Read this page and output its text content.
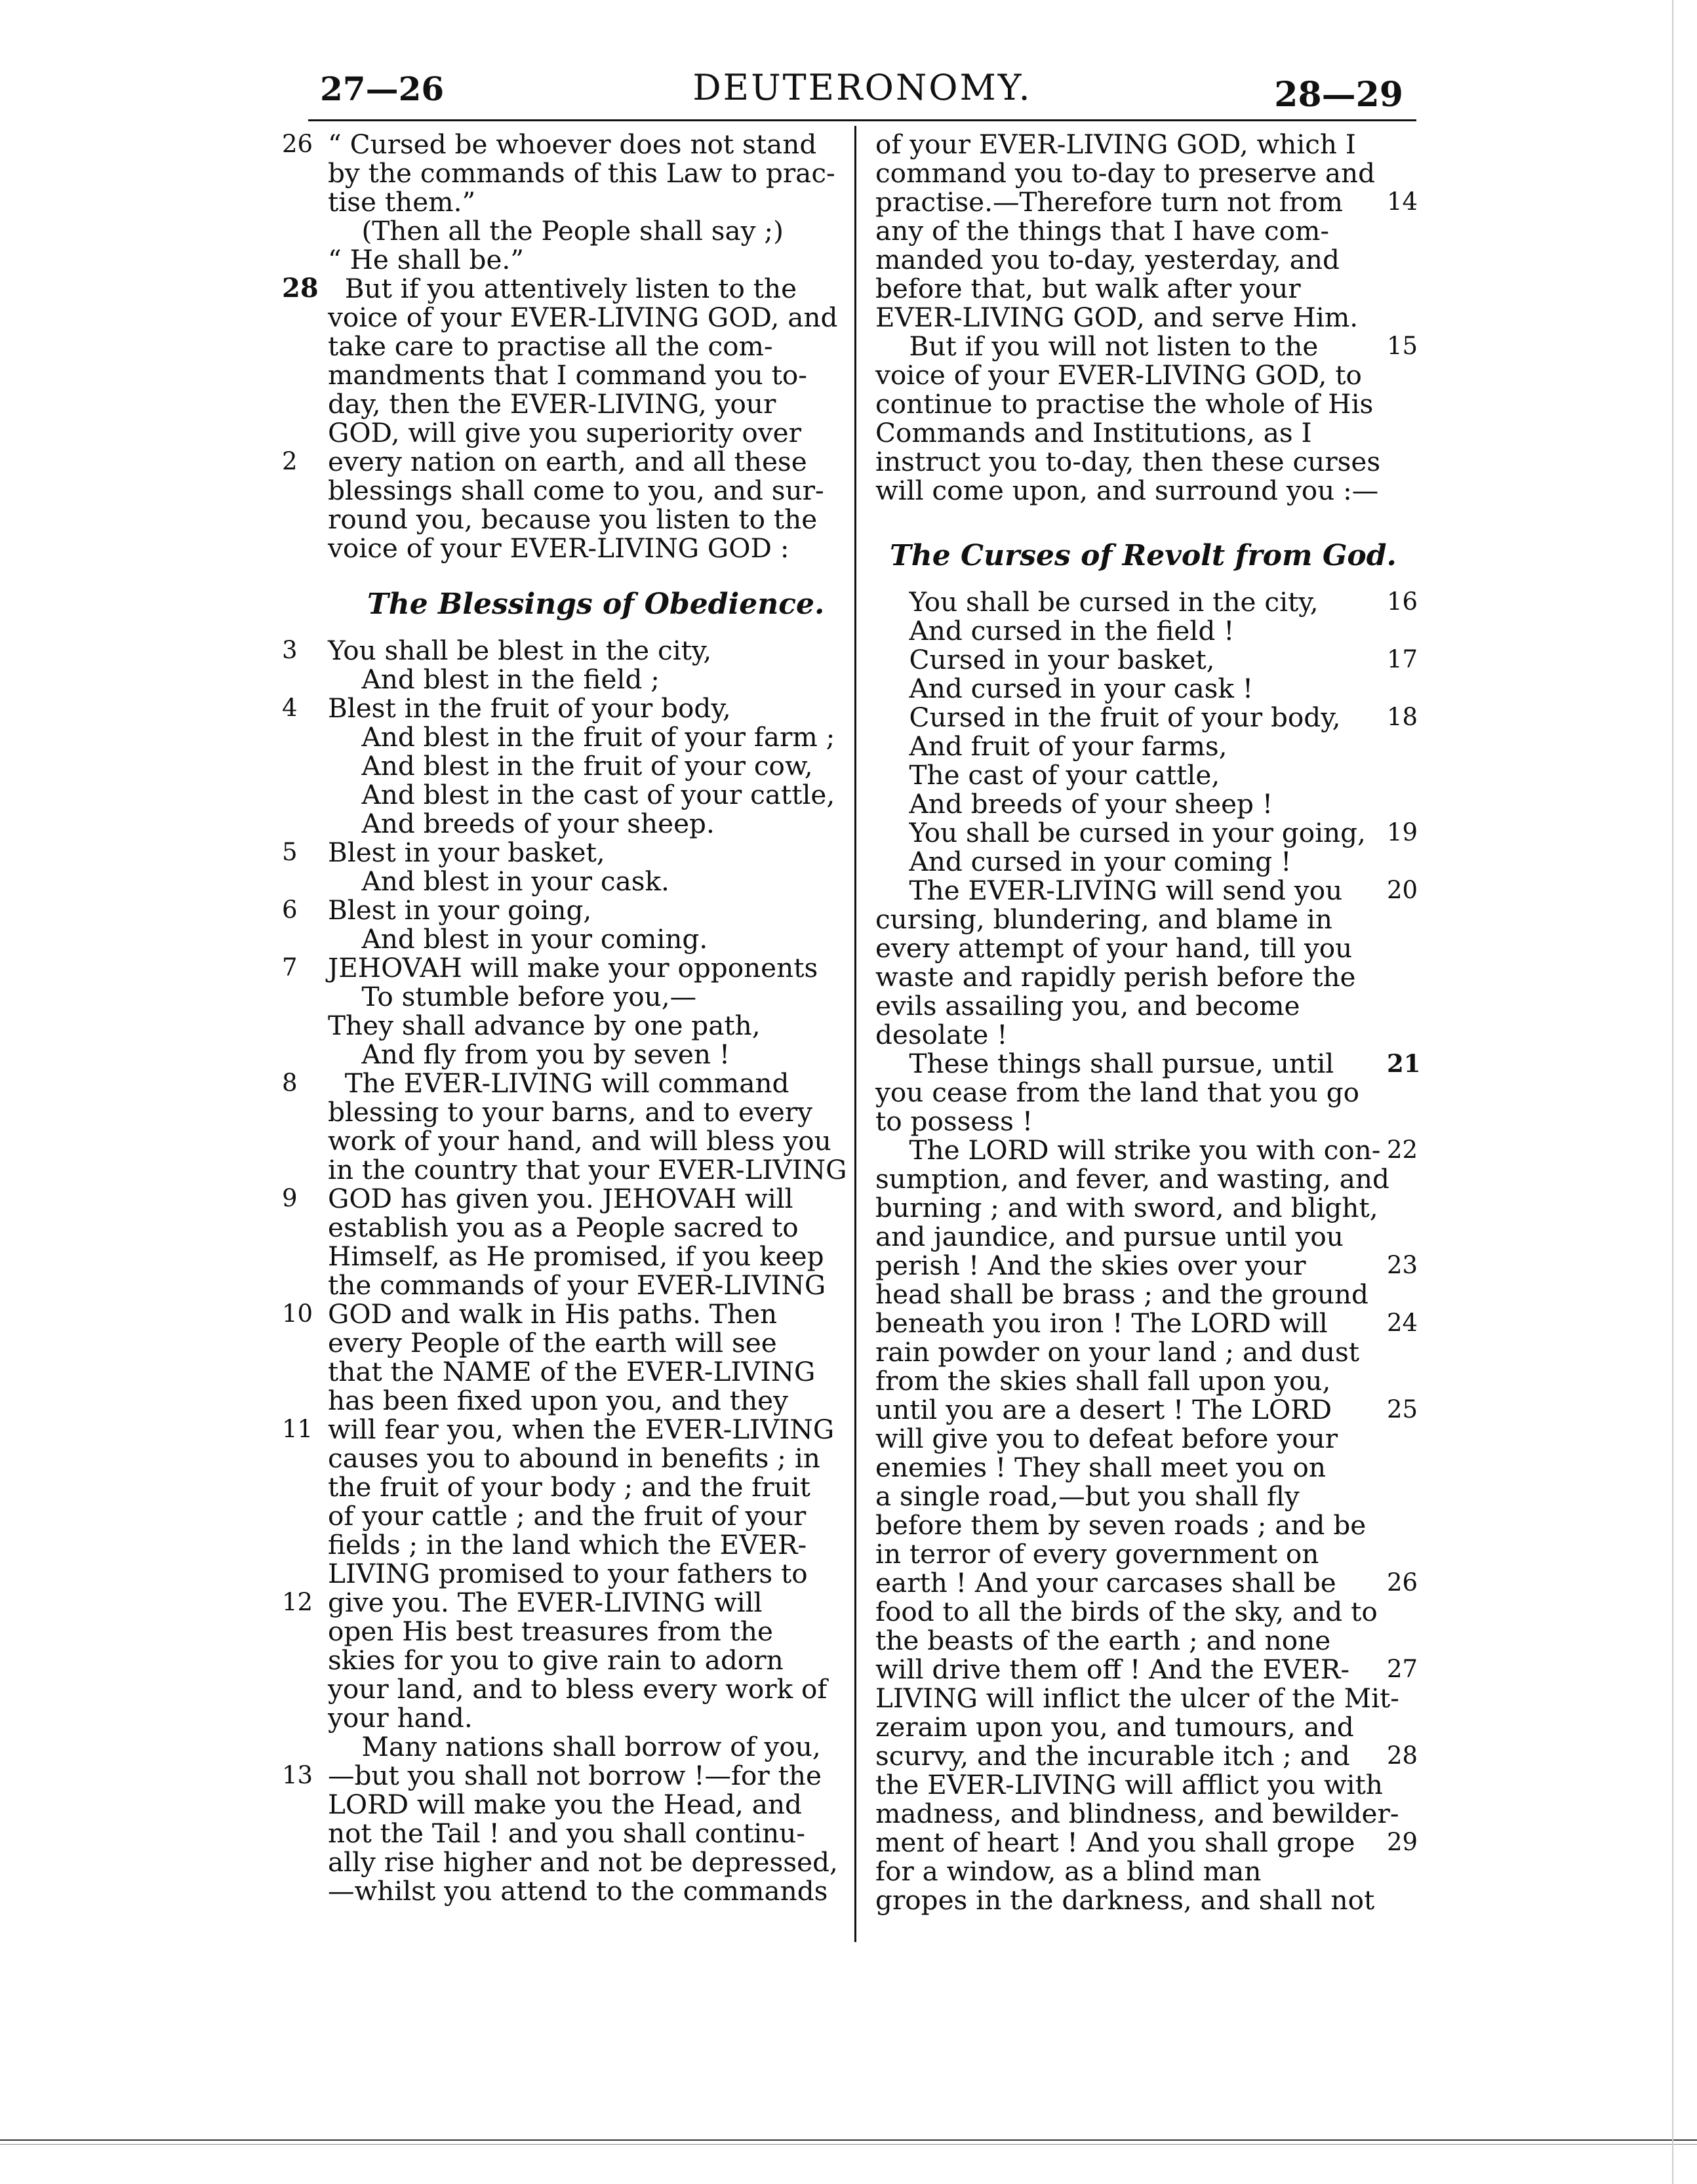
27—26	DEUTERONOMY.	28—29
“ Cursed be whoever does not stand
26
by the commands of this Law to prac-
tise them.”
(Then all the People shall say ;)
“ He shall be.”
But if you attentively listen to the
28
voice of your EVER-LIVING GOD, and
take care to practise all the com-
mandments that I command you to-
day, then the EVER-LIVING, your
GOD, will give you superiority over
every nation on earth, and all these
2
blessings shall come to you, and sur-
round you, because you listen to the
voice of your EVER-LIVING GOD :
The Blessings of Obedience.
You shall be blest in the city,
3
And blest in the field ;
Blest in the fruit of your body,
4
And blest in the fruit of your farm ;
And blest in the fruit of your cow,
And blest in the cast of your cattle,
And breeds of your sheep.
Blest in your basket,
5
And blest in your cask.
Blest in your going,
6
And blest in your coming.
JEHOVAH will make your opponents
7
To stumble before you,—
They shall advance by one path,
And fly from you by seven !
The EVER-LIVING will command
8
blessing to your barns, and to every
work of your hand, and will bless you
in the country that your EVER-LIVING
GOD has given you. JEHOVAH will
9
establish you as a People sacred to
Himself, as He promised, if you keep
the commands of your EVER-LIVING
GOD and walk in His paths. Then
10
every People of the earth will see
that the NAME of the EVER-LIVING
has been fixed upon you, and they
will fear you, when the EVER-LIVING
11
causes you to abound in benefits ; in
the fruit of your body ; and the fruit
of your cattle ; and the fruit of your
fields ; in the land which the EVER-
LIVING promised to your fathers to
give you. The EVER-LIVING will
12
open His best treasures from the
skies for you to give rain to adorn
your land, and to bless every work of
your hand.
Many nations shall borrow of you,
—but you shall not borrow !—for the
13
LORD will make you the Head, and
not the Tail ! and you shall continu-
ally rise higher and not be depressed,
—whilst you attend to the commands
of your EVER-LIVING GOD, which I
command you to-day to preserve and
practise.—Therefore turn not from 14
any of the things that I have com-
manded you to-day, yesterday, and
before that, but walk after your
EVER-LIVING GOD, and serve Him.
But if you will not listen to the	15
voice of your EVER-LIVING GOD, to
continue to practise the whole of His
Commands and Institutions, as I
instruct you to-day, then these curses
will come upon, and surround you :—
The Curses of Revolt from God.
You shall be cursed in the city,	16
And cursed in the field !
Cursed in your basket,	17
And cursed in your cask !
Cursed in the fruit of your body, 18
And fruit of your farms,
The cast of your cattle,
And breeds of your sheep !
You shall be cursed in your going, 19
And cursed in your coming !
The EVER-LIVING will send you 20
cursing, blundering, and blame in
every attempt of your hand, till you
waste and rapidly perish before the
evils assailing you, and become
desolate !
These things shall pursue, until 21
you cease from the land that you go
to possess !
The LORD will strike you with con- 22
sumption, and fever, and wasting, and
burning ; and with sword, and blight,
and jaundice, and pursue until you
perish ! And the skies over your	23
head shall be brass ; and the ground
beneath you iron ! The LORD will 24
rain powder on your land ; and dust
from the skies shall fall upon you,
until you are a desert ! The LORD 25
will give you to defeat before your
enemies ! They shall meet you on
a single road,—but you shall fly
before them by seven roads ; and be
in terror of every government on
earth ! And your carcases shall be 26
food to all the birds of the sky, and to
the beasts of the earth ; and none
will drive them off ! And the EVER- 27
LIVING will inflict the ulcer of the Mit-
zeraim upon you, and tumours, and
scurvy, and the incurable itch ; and 28
the EVER-LIVING will afflict you with
madness, and blindness, and bewilder-
ment of heart ! And you shall grope 29
for a window, as a blind man
gropes in the darkness, and shall not
